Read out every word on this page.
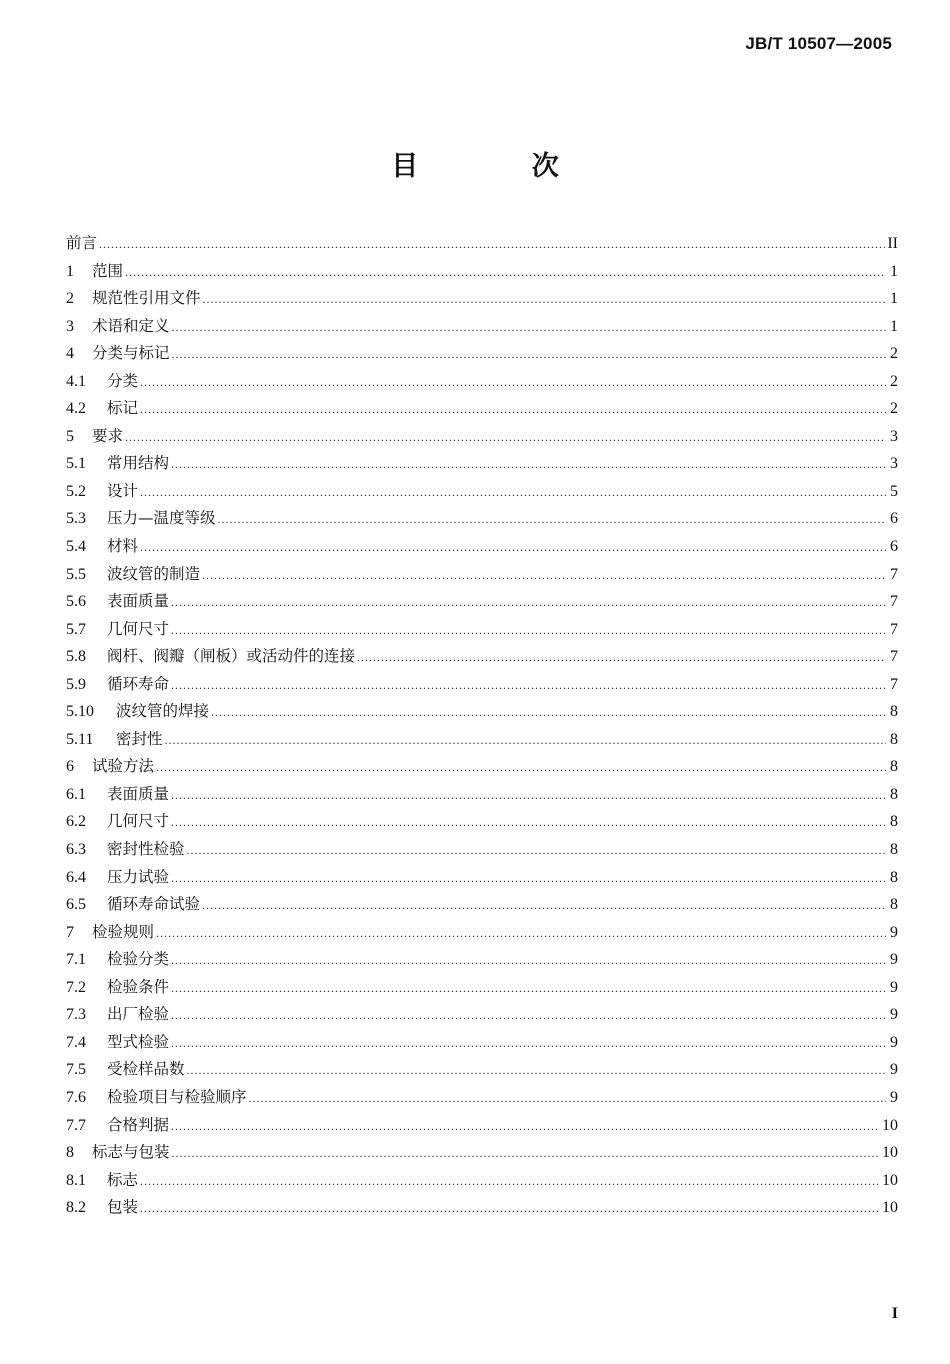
JB/T 10507—2005
目 次
前言 .....	II
1	范围 .....	1
2	规范性引用文件 .....	1
3	术语和定义 .....	1
4	分类与标记 .....	2
4.1	分类 .....	2
4.2	标记 .....	2
5	要求 .....	3
5.1	常用结构 .....	3
5.2	设计 .....	5
5.3	压力—温度等级 .....	6
5.4	材料 .....	6
5.5	波纹管的制造 .....	7
5.6	表面质量 .....	7
5.7	几何尺寸 .....	7
5.8	阀杆、阀瓣（闸板）或活动件的连接 .....	7
5.9	循环寿命 .....	7
5.10	波纹管的焊接 .....	8
5.11	密封性 .....	8
6	试验方法 .....	8
6.1	表面质量 .....	8
6.2	几何尺寸 .....	8
6.3	密封性检验 .....	8
6.4	压力试验 .....	8
6.5	循环寿命试验 .....	8
7	检验规则 .....	9
7.1	检验分类 .....	9
7.2	检验条件 .....	9
7.3	出厂检验 .....	9
7.4	型式检验 .....	9
7.5	受检样品数 .....	9
7.6	检验项目与检验顺序 .....	9
7.7	合格判据 .....	10
8	标志与包装 .....	10
8.1	标志 .....	10
8.2	包装 .....	10
I
